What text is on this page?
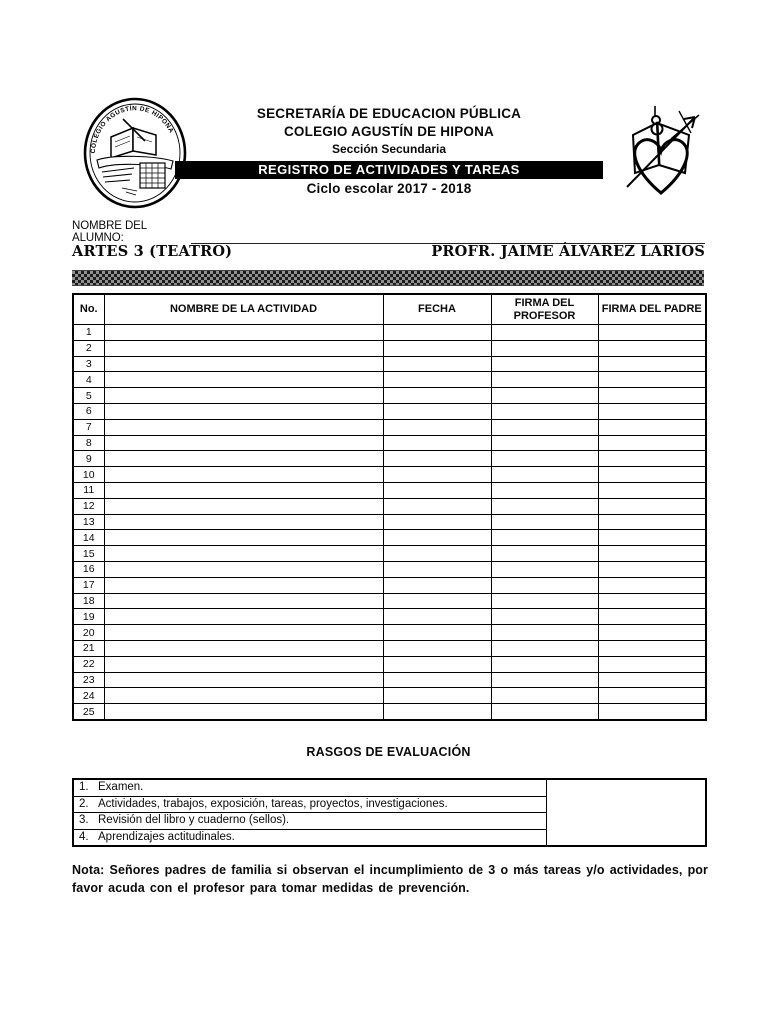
COLEGIO AGUSTÍN DE HIPONA
SECRETARÍA DE EDUCACION PÚBLICA
COLEGIO AGUSTÍN DE HIPONA
Sección Secundaria
REGISTRO DE ACTIVIDADES Y TAREAS
Ciclo escolar 2017 - 2018
NOMBRE DEL ALUMNO:
ARTES 3 (TEATRO)	PROFR. JAIME ÁLVAREZ LARIOS
No.	NOMBRE DE LA ACTIVIDAD	FECHA	FIRMA DEL PROFESOR	FIRMA DEL PADRE
1				
2				
3				
4				
5				
6				
7				
8				
9				
10				
11				
12				
13				
14				
15				
16				
17				
18				
19				
20				
21				
22				
23				
24				
25				
RASGOS DE EVALUACIÓN
1. Examen.	
2. Actividades, trabajos, exposición, tareas, proyectos, investigaciones.
3. Revisión del libro y cuaderno (sellos).
4. Aprendizajes actitudinales.
Nota: Señores padres de familia si observan el incumplimiento de 3 o más tareas y/o actividades, por favor acuda con el profesor para tomar medidas de prevención.
